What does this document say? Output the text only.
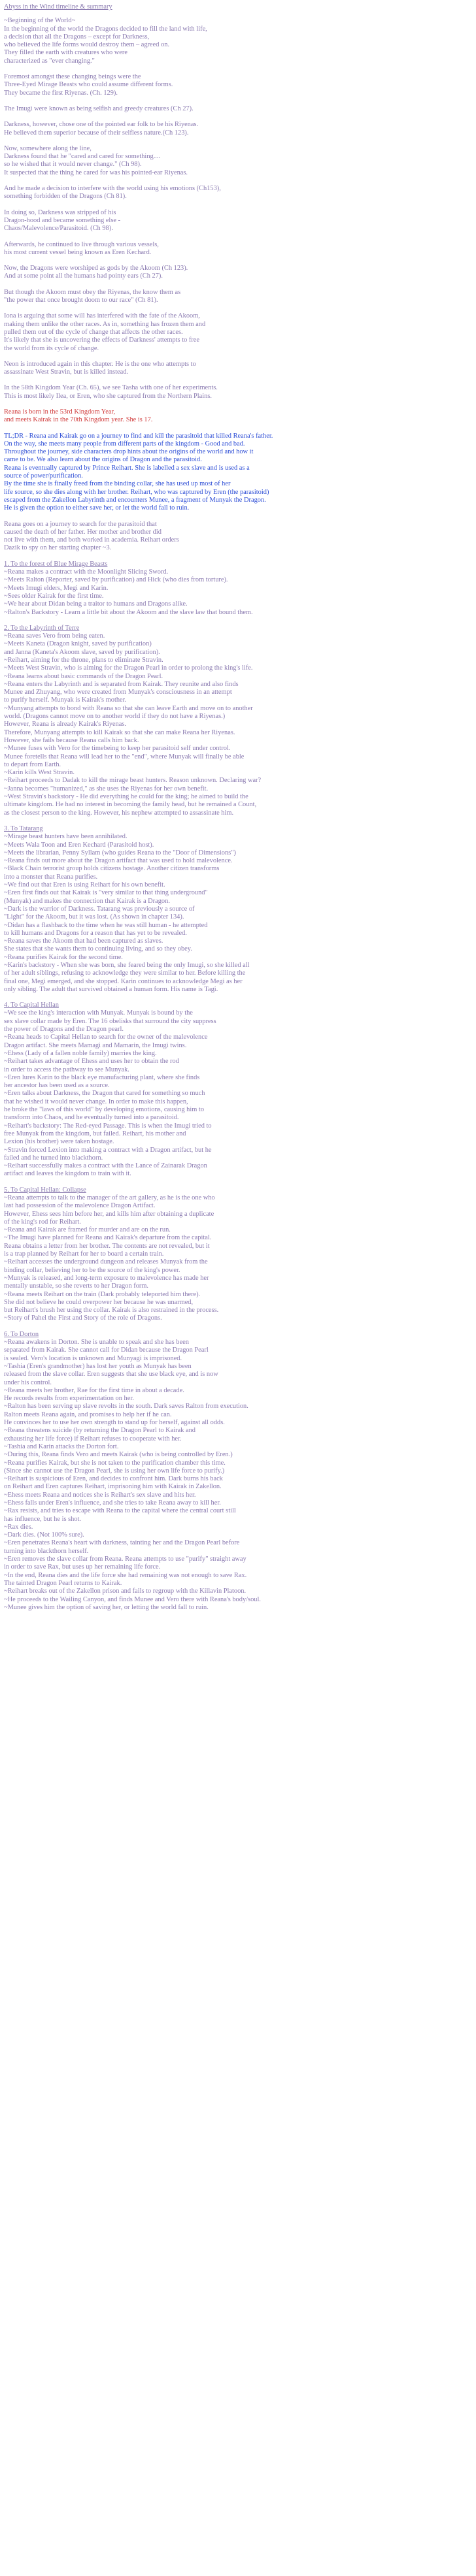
Abyss in the Wind timeline & summary
~Beginning of the World~
In the beginning of the world the Dragons decided to fill the land with life,
a decision that all the Dragons – except for Darkness,
who believed the life forms would destroy them – agreed on.
They filled the earth with creatures who were
characterized as "ever changing."
Foremost amongst these changing beings were the
Three-Eyed Mirage Beasts who could assume different forms.
They became the first Riyenas. (Ch. 129).
The Imugi were known as being selfish and greedy creatures (Ch 27).
Darkness, however, chose one of the pointed ear folk to be his Riyenas.
He believed them superior because of their selfless nature.(Ch 123).
Now, somewhere along the line,
Darkness found that he "cared and cared for something....
so he wished that it would never change." (Ch 98).
It suspected that the thing he cared for was his pointed-ear Riyenas.
And he made a decision to interfere with the world using his emotions (Ch153),
something forbidden of the Dragons (Ch 81).
In doing so, Darkness was stripped of his
Dragon-hood and became something else -
Chaos/Malevolence/Parasitoid. (Ch 98).
Afterwards, he continued to live through various vessels,
his most current vessel being known as Eren Kechard.
Now, the Dragons were worshiped as gods by the Akoom (Ch 123).
And at some point all the humans had pointy ears (Ch 27).
But though the Akoom must obey the Riyenas, the know them as
"the power that once brought doom to our race" (Ch 81).
Iona is arguing that some will has interfered with the fate of the Akoom,
making them unlike the other races. As in, something has frozen them and
pulled them out of the cycle of change that affects the other races.
It's likely that she is uncovering the effects of Darkness' attempts to free
the world from its cycle of change.
Neon is introduced again in this chapter. He is the one who attempts to
assassinate West Stravin, but is killed instead.
In the 58th Kingdom Year (Ch. 65), we see Tasha with one of her experiments.
This is most likely Ilea, or Eren, who she captured from the Northern Plains.
Reana is born in the 53rd Kingdom Year,
and meets Kairak in the 70th Kingdom year. She is 17.
TL;DR - Reana and Kairak go on a journey to find and kill the parasitoid that killed Reana's father.
On the way, she meets many people from different parts of the kingdom - Good and bad.
Throughout the journey, side characters drop hints about the origins of the world and how it
came to be. We also learn about the origins of Dragon and the parasitoid.
Reana is eventually captured by Prince Reihart. She is labelled a sex slave and is used as a
source of power/purification.
By the time she is finally freed from the binding collar, she has used up most of her
life source, so she dies along with her brother. Reihart, who was captured by Eren (the parasitoid)
escaped from the Zakellon Labyrinth and encounters Munee, a fragment of Munyak the Dragon.
He is given the option to either save her, or let the world fall to ruin.
Reana goes on a journey to search for the parasitoid that
caused the death of her father. Her mother and brother did
not live with them, and both worked in academia. Reihart orders
Dazik to spy on her starting chapter ~3.
1. To the forest of Blue Mirage Beasts
~Reana makes a contract with the Moonlight Slicing Sword.
~Meets Ralton (Reporter, saved by purification) and Hick (who dies from torture).
~Meets Imugi elders, Megi and Karin.
~Sees older Kairak for the first time.
~We hear about Didan being a traitor to humans and Dragons alike.
~Ralton's Backstory - Learn a little bit about the Akoom and the slave law that bound them.
2. To the Labyrinth of Terre
~Reana saves Vero from being eaten.
~Meets Kaneta (Dragon knight, saved by purification)
and Janna (Kaneta's Akoom slave, saved by purification).
~Reihart, aiming for the throne, plans to eliminate Stravin.
~Meets West Stravin, who is aiming for the Dragon Pearl in order to prolong the king's life.
~Reana learns about basic commands of the Dragon Pearl.
~Reana enters the Labyrinth and is separated from Kairak. They reunite and also finds
Munee and Zhuyang, who were created from Munyak's consciousness in an attempt
to purify herself. Munyak is Kairak's mother.
~Munyang attempts to bond with Reana so that she can leave Earth and move on to another
world. (Dragons cannot move on to another world if they do not have a Riyenas.)
However, Reana is already Kairak's Riyenas.
Therefore, Munyang attempts to kill Kairak so that she can make Reana her Riyenas.
However, she fails because Reana calls him back.
~Munee fuses with Vero for the timebeing to keep her parasitoid self under control.
Munee foretells that Reana will lead her to the "end", where Munyak will finally be able
to depart from Earth.
~Karin kills West Stravin.
~Reihart proceeds to Dadak to kill the mirage beast hunters. Reason unknown. Declaring war?
~Janna becomes "humanized," as she uses the Riyenas for her own benefit.
~West Stravin's backstory - He did everything he could for the king; he aimed to build the
ultimate kingdom. He had no interest in becoming the family head, but he remained a Count,
as the closest person to the king. However, his nephew attempted to assassinate him.
3. To Tatarang
~Mirage beast hunters have been annihilated.
~Meets Wala Toon and Eren Kechard (Parasitoid host).
~Meets the librarian, Penny Syllam (who guides Reana to the "Door of Dimensions")
~Reana finds out more about the Dragon artifact that was used to hold malevolence.
~Black Chain terrorist group holds citizens hostage. Another citizen transforms
into a monster that Reana purifies.
~We find out that Eren is using Reihart for his own benefit.
~Eren first finds out that Kairak is "very similar to that thing underground"
(Munyak) and makes the connection that Kairak is a Dragon.
~Dark is the warrior of Darkness. Tatarang was previously a source of
"Light" for the Akoom, but it was lost. (As shown in chapter 134).
~Didan has a flashback to the time when he was still human - he attempted
to kill humans and Dragons for a reason that has yet to be revealed.
~Reana saves the Akoom that had been captured as slaves.
She states that she wants them to continuing living, and so they obey.
~Reana purifies Kairak for the second time.
~Karin's backstory - When she was born, she feared being the only Imugi, so she killed all
of her adult siblings, refusing to acknowledge they were similar to her. Before killing the
final one, Megi emerged, and she stopped. Karin continues to acknowledge Megi as her
only sibling. The adult that survived obtained a human form. His name is Tagi.
4. To Capital Hellan
~We see the king's interaction with Munyak. Munyak is bound by the
sex slave collar made by Eren. The 16 obelisks that surround the city suppress
the power of Dragons and the Dragon pearl.
~Reana heads to Capital Hellan to search for the owner of the malevolence
Dragon artifact. She meets Mamagi and Mamarin, the Imugi twins.
~Ehess (Lady of a fallen noble family) marries the king.
~Reihart takes advantage of Ehess and uses her to obtain the rod
in order to access the pathway to see Munyak.
~Eren lures Karin to the black eye manufacturing plant, where she finds
her ancestor has been used as a source.
~Eren talks about Darkness, the Dragon that cared for something so much
that he wished it would never change. In order to make this happen,
he broke the "laws of this world" by developing emotions, causing him to
transform into Chaos, and he eventually turned into a parasitoid.
~Reihart's backstory: The Red-eyed Passage. This is when the Imugi tried to
free Munyak from the kingdom, but failed. Reihart, his mother and
Lexion (his brother) were taken hostage.
~Stravin forced Lexion into making a contract with a Dragon artifact, but he
failed and he turned into blackthorn.
~Reihart successfully makes a contract with the Lance of Zainarak Dragon
artifact and leaves the kingdom to train with it.
5. To Capital Hellan: Collapse
~Reana attempts to talk to the manager of the art gallery, as he is the one who
last had possession of the malevolence Dragon Artifact.
However, Ehess sees him before her, and kills him after obtaining a duplicate
of the king's rod for Reihart.
~Reana and Kairak are framed for murder and are on the run.
~The Imugi have planned for Reana and Kairak's departure from the capital.
Reana obtains a letter from her brother. The contents are not revealed, but it
is a trap planned by Reihart for her to board a certain train.
~Reihart accesses the underground dungeon and releases Munyak from the
binding collar, believing her to be the source of the king's power.
~Munyak is released, and long-term exposure to malevolence has made her
mentally unstable, so she reverts to her Dragon form.
~Reana meets Reihart on the train (Dark probably teleported him there).
She did not believe he could overpower her because he was unarmed,
but Reihart's brush her using the collar. Kairak is also restrained in the process.
~Story of Pahel the First and Story of the role of Dragons.
6. To Dorton
~Reana awakens in Dorton. She is unable to speak and she has been
separated from Kairak. She cannot call for Didan because the Dragon Pearl
is sealed. Vero's location is unknown and Munyagi is imprisoned.
~Tashia (Eren's grandmother) has lost her youth as Munyak has been
released from the slave collar. Eren suggests that she use black eye, and is now
under his control.
~Reana meets her brother, Rae for the first time in about a decade.
He records results from experimentation on her.
~Ralton has been serving up slave revolts in the south. Dark saves Ralton from execution.
Ralton meets Reana again, and promises to help her if he can.
He convinces her to use her own strength to stand up for herself, against all odds.
~Reana threatens suicide (by returning the Dragon Pearl to Kairak and
exhausting her life force) if Reihart refuses to cooperate with her.
~Tashia and Karin attacks the Dorton fort.
~During this, Reana finds Vero and meets Kairak (who is being controlled by Eren.)
~Reana purifies Kairak, but she is not taken to the purification chamber this time.
(Since she cannot use the Dragon Pearl, she is using her own life force to purify.)
~Reihart is suspicious of Eren, and decides to confront him. Dark burns his back
on Reihart and Eren captures Reihart, imprisoning him with Kairak in Zakellon.
~Ehess meets Reana and notices she is Reihart's sex slave and hits her.
~Ehess falls under Eren's influence, and she tries to take Reana away to kill her.
~Rax resists, and tries to escape with Reana to the capital where the central court still
has influence, but he is shot.
~Rax dies.
~Dark dies. (Not 100% sure).
~Eren penetrates Reana's heart with darkness, tainting her and the Dragon Pearl before
turning into blackthorn herself.
~Eren removes the slave collar from Reana. Reana attempts to use "purify" straight away
in order to save Rax, but uses up her remaining life force.
~In the end, Reana dies and the life force she had remaining was not enough to save Rax.
The tainted Dragon Pearl returns to Kairak.
~Reihart breaks out of the Zakellon prison and fails to regroup with the Killavin Platoon.
~He proceeds to the Wailing Canyon, and finds Munee and Vero there with Reana's body/soul.
~Munee gives him the option of saving her, or letting the world fall to ruin.
